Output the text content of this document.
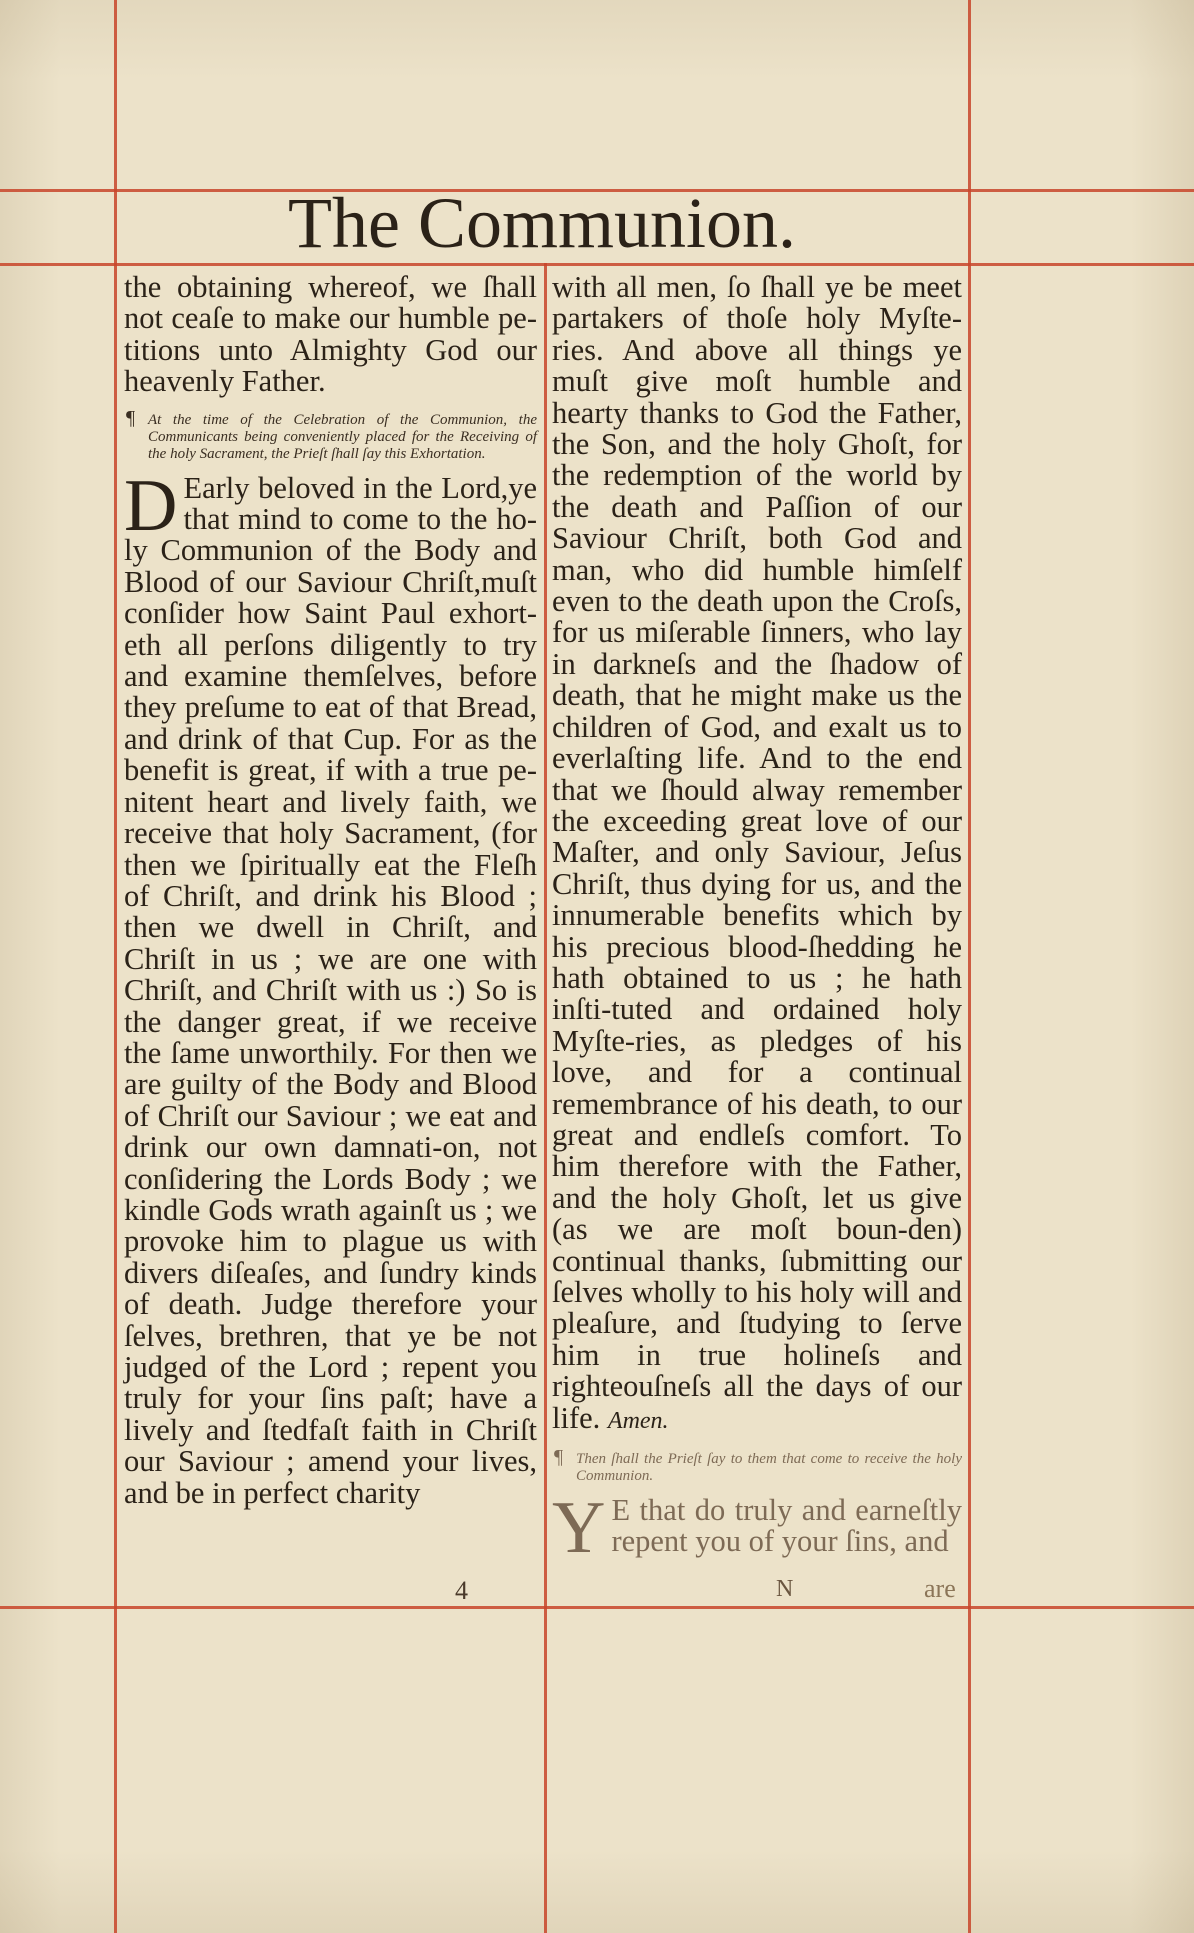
The Communion.

the obtaining whereof, we ſhall not ceaſe to make our humble pe-titions unto Almighty God our heavenly Father.

¶ At the time of the Celebration of the Communion, the Communicants being conveniently placed for the Receiving of the holy Sacrament, the Prieſt ſhall ſay this Exhortation.

D Early beloved in the Lord,ye that mind to come to the ho-ly Communion of the Body and Blood of our Saviour Chriſt,muſt conſider how Saint Paul exhort-eth all perſons diligently to try and examine themſelves, before they preſume to eat of that Bread, and drink of that Cup. For as the benefit is great, if with a true pe-nitent heart and lively faith, we receive that holy Sacrament, (for then we ſpiritually eat the Fleſh of Chriſt, and drink his Blood ; then we dwell in Chriſt, and Chriſt in us ; we are one with Chriſt, and Chriſt with us :) So is the danger great, if we receive the ſame unworthily. For then we are guilty of the Body and Blood of Chriſt our Saviour ; we eat and drink our own damnati-on, not conſidering the Lords Body ; we kindle Gods wrath againſt us ; we provoke him to plague us with divers diſeaſes, and ſundry kinds of death. Judge therefore your ſelves, brethren, that ye be not judged of the Lord ; repent you truly for your ſins paſt; have a lively and ſtedfaſt faith in Chriſt our Saviour ; amend your lives, and be in perfect charity

with all men, ſo ſhall ye be meet partakers of thoſe holy Myſte-ries. And above all things ye muſt give moſt humble and hearty thanks to God the Father, the Son, and the holy Ghoſt, for the redemption of the world by the death and Paſſion of our Saviour Chriſt, both God and man, who did humble himſelf even to the death upon the Croſs, for us miſerable ſinners, who lay in darkneſs and the ſhadow of death, that he might make us the children of God, and exalt us to everlaſting life. And to the end that we ſhould alway remember the exceeding great love of our Maſter, and only Saviour, Jeſus Chriſt, thus dying for us, and the innumerable benefits which by his precious blood-ſhedding he hath obtained to us ; he hath inſti-tuted and ordained holy Myſte-ries, as pledges of his love, and for a continual remembrance of his death, to our great and endleſs comfort. To him therefore with the Father, and the holy Ghoſt, let us give (as we are moſt boun-den) continual thanks, ſubmitting our ſelves wholly to his holy will and pleaſure, and ſtudying to ſerve him in true holineſs and righteouſneſs all the days of our life. Amen.

¶ Then ſhall the Prieſt ſay to them that come to receive the holy Communion.

Y E that do truly and earneſtly repent you of your ſins, and

4	N	are
